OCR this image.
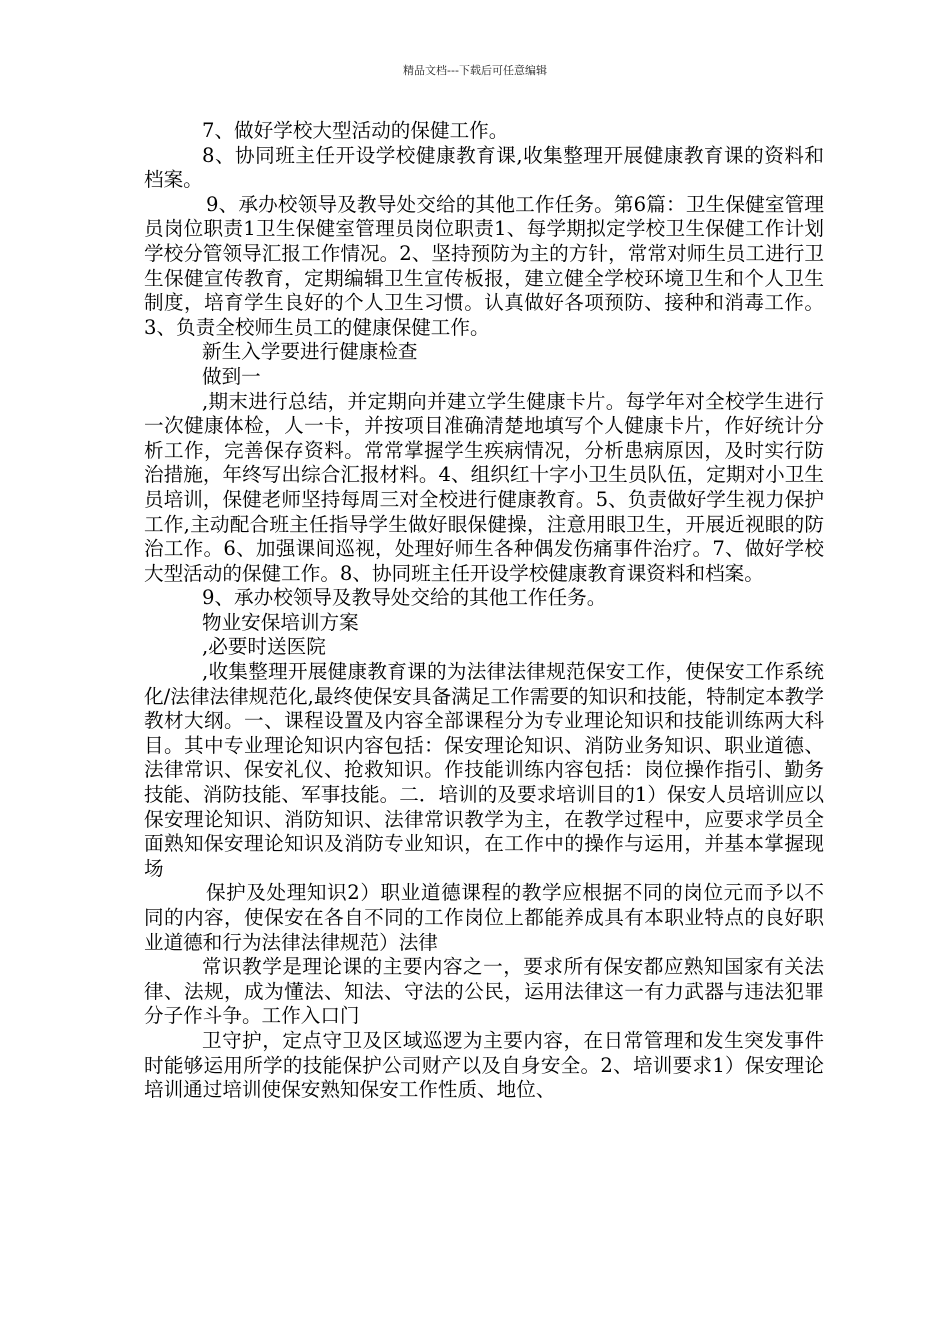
精品文档---下载后可任意编辑

7、做好学校大型活动的保健工作。

8、协同班主任开设学校健康教育课,收集整理开展健康教育课的资料和档案。

9、承办校领导及教导处交给的其他工作任务。第6篇：卫生保健室管理员岗位职责1卫生保健室管理员岗位职责1、每学期拟定学校卫生保健工作计划学校分管领导汇报工作情况。2、坚持预防为主的方针，常常对师生员工进行卫生保健宣传教育，定期编辑卫生宣传板报，建立健全学校环境卫生和个人卫生制度，培育学生良好的个人卫生习惯。认真做好各项预防、接种和消毒工作。3、负责全校师生员工的健康保健工作。

新生入学要进行健康检查

做到一

,期末进行总结，并定期向并建立学生健康卡片。每学年对全校学生进行一次健康体检，人一卡，并按项目准确清楚地填写个人健康卡片，作好统计分析工作，完善保存资料。常常掌握学生疾病情况，分析患病原因，及时实行防治措施，年终写出综合汇报材料。4、组织红十字小卫生员队伍，定期对小卫生员培训，保健老师坚持每周三对全校进行健康教育。5、负责做好学生视力保护工作,主动配合班主任指导学生做好眼保健操，注意用眼卫生，开展近视眼的防治工作。6、加强课间巡视，处理好师生各种偶发伤痛事件治疗。7、做好学校大型活动的保健工作。8、协同班主任开设学校健康教育课资料和档案。

9、承办校领导及教导处交给的其他工作任务。

物业安保培训方案

,必要时送医院

,收集整理开展健康教育课的为法律法律规范保安工作，使保安工作系统化/法律法律规范化,最终使保安具备满足工作需要的知识和技能，特制定本教学教材大纲。一、课程设置及内容全部课程分为专业理论知识和技能训练两大科目。其中专业理论知识内容包括：保安理论知识、消防业务知识、职业道德、法律常识、保安礼仪、抢救知识。作技能训练内容包括：岗位操作指引、勤务技能、消防技能、军事技能。二．培训的及要求培训目的1）保安人员培训应以保安理论知识、消防知识、法律常识教学为主，在教学过程中，应要求学员全面熟知保安理论知识及消防专业知识，在工作中的操作与运用，并基本掌握现场

保护及处理知识2）职业道德课程的教学应根据不同的岗位元而予以不同的内容，使保安在各自不同的工作岗位上都能养成具有本职业特点的良好职业道德和行为法律法律规范）法律

常识教学是理论课的主要内容之一，要求所有保安都应熟知国家有关法律、法规，成为懂法、知法、守法的公民，运用法律这一有力武器与违法犯罪分子作斗争。工作入口门

卫守护，定点守卫及区域巡逻为主要内容，在日常管理和发生突发事件时能够运用所学的技能保护公司财产以及自身安全。2、培训要求1）保安理论培训通过培训使保安熟知保安工作性质、地位、
